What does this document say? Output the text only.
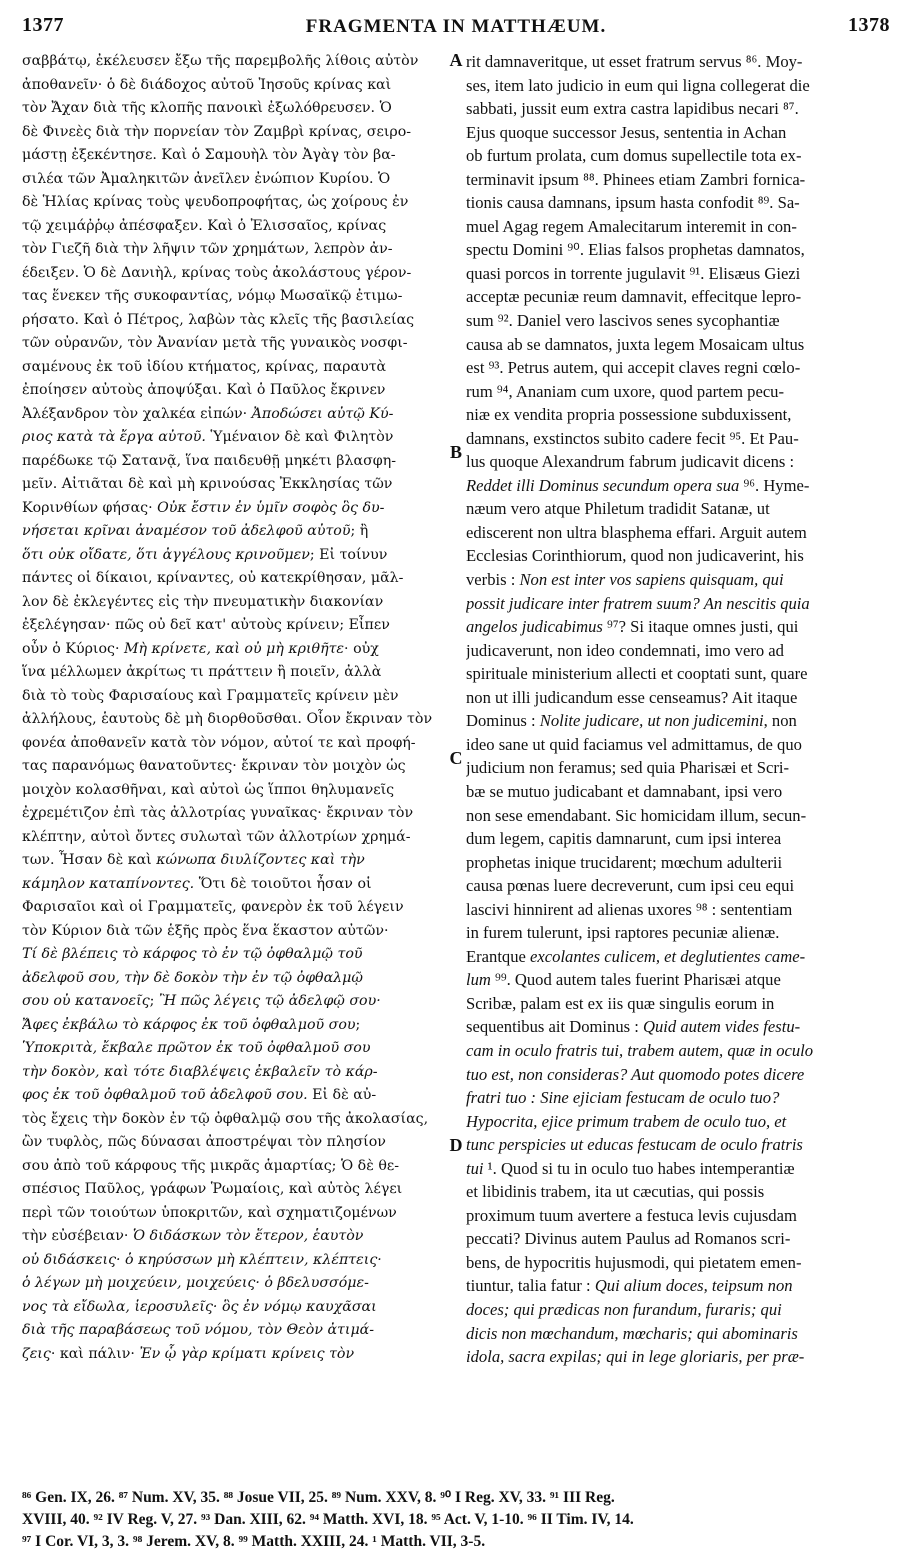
1377	FRAGMENTA IN MATTHÆUM.	1378
σαββάτῳ, ἐκέλευσεν ἔξω τῆς παρεμβολῆς λίθοις αὐτὸν
ἀποθανεῖν· ὁ δὲ διάδοχος αὐτοῦ Ἰησοῦς κρίνας καὶ
τὸν Ἄχαν διὰ τῆς κλοπῆς πανοικὶ ἐξωλόθρευσεν. Ὁ
δὲ Φινεὲς διὰ τὴν πορνείαν τὸν Ζαμβρὶ κρίνας, σειρο-
μάστῃ ἐξεκέντησε. Καὶ ὁ Σαμουὴλ τὸν Ἀγὰγ τὸν βα-
σιλέα τῶν Ἀμαληκιτῶν ἀνεῖλεν ἐνώπιον Κυρίου. Ὁ
δὲ Ἡλίας κρίνας τοὺς ψευδοπροφήτας, ὡς χοίρους ἐν
τῷ χειμάῤῥῳ ἀπέσφαξεν. Καὶ ὁ Ἐλισσαῖος, κρίνας
τὸν Γιεζῆ διὰ τὴν λῆψιν τῶν χρημάτων, λεπρὸν ἀν-
έδειξεν. Ὁ δὲ Δανιὴλ, κρίνας τοὺς ἀκολάστους γέρον-
τας ἕνεκεν τῆς συκοφαντίας, νόμῳ Μωσαϊκῷ ἐτιμω-
ρήσατο. Καὶ ὁ Πέτρος, λαβὼν τὰς κλεῖς τῆς βασιλείας
τῶν οὐρανῶν, τὸν Ἀνανίαν μετὰ τῆς γυναικὸς νοσφι-
σαμένους ἐκ τοῦ ἰδίου κτήματος, κρίνας, παραυτὰ
ἐποίησεν αὐτοὺς ἀποψύξαι. Καὶ ὁ Παῦλος ἔκρινεν
Ἀλέξανδρον τὸν χαλκέα εἰπών· Ἀποδώσει αὐτῷ Κύ-
ριος κατὰ τὰ ἔργα αὐτοῦ. Ὑμέναιον δὲ καὶ Φιλητὸν
παρέδωκε τῷ Σατανᾷ, ἵνα παιδευθῇ μηκέτι βλασφη-
μεῖν. Αἰτιᾶται δὲ καὶ μὴ κρινούσας Ἐκκλησίας τῶν
Κορινθίων φήσας· Οὐκ ἔστιν ἐν ὑμῖν σοφὸς ὃς δυ-
νήσεται κρῖναι ἀναμέσον τοῦ ἀδελφοῦ αὐτοῦ; ἢ
ὅτι οὐκ οἴδατε, ὅτι ἀγγέλους κρινοῦμεν; Εἰ τοίνυν
πάντες οἱ δίκαιοι, κρίναντες, οὐ κατεκρίθησαν, μᾶλ-
λον δὲ ἐκλεγέντες εἰς τὴν πνευματικὴν διακονίαν
ἐξελέγησαν· πῶς οὐ δεῖ κατ' αὐτοὺς κρίνειν; Εἶπεν
οὖν ὁ Κύριος· Μὴ κρίνετε, καὶ οὐ μὴ κριθῆτε· οὐχ
ἵνα μέλλωμεν ἀκρίτως τι πράττειν ἢ ποιεῖν, ἀλλὰ
διὰ τὸ τοὺς Φαρισαίους καὶ Γραμματεῖς κρίνειν μὲν
ἀλλήλους, ἑαυτοὺς δὲ μὴ διορθοῦσθαι. Οἷον ἔκριναν τὸν
φονέα ἀποθανεῖν κατὰ τὸν νόμον, αὐτοί τε καὶ προφή-
τας παρανόμως θανατοῦντες· ἔκριναν τὸν μοιχὸν ὡς
μοιχὸν κολασθῆναι, καὶ αὐτοὶ ὡς ἵπποι θηλυμανεῖς
ἐχρεμέτιζον ἐπὶ τὰς ἀλλοτρίας γυναῖκας· ἔκριναν τὸν
κλέπτην, αὐτοὶ ὄντες συλωταὶ τῶν ἀλλοτρίων χρημά-
των. Ἦσαν δὲ καὶ κώνωπα διυλίζοντες καὶ τὴν
κάμηλον καταπίνοντες. Ὅτι δὲ τοιοῦτοι ἦσαν οἱ
Φαρισαῖοι καὶ οἱ Γραμματεῖς, φανερὸν ἐκ τοῦ λέγειν
τὸν Κύριον διὰ τῶν ἑξῆς πρὸς ἕνα ἕκαστον αὐτῶν·
Τί δὲ βλέπεις τὸ κάρφος τὸ ἐν τῷ ὀφθαλμῷ τοῦ
ἀδελφοῦ σου, τὴν δὲ δοκὸν τὴν ἐν τῷ ὀφθαλμῷ
σου οὐ κατανοεῖς; Ἢ πῶς λέγεις τῷ ἀδελφῷ σου·
Ἄφες ἐκβάλω τὸ κάρφος ἐκ τοῦ ὀφθαλμοῦ σου;
Ὑποκριτὰ, ἔκβαλε πρῶτον ἐκ τοῦ ὀφθαλμοῦ σου
τὴν δοκὸν, καὶ τότε διαβλέψεις ἐκβαλεῖν τὸ κάρ-
φος ἐκ τοῦ ὀφθαλμοῦ τοῦ ἀδελφοῦ σου. Εἰ δὲ αὐ-
τὸς ἔχεις τὴν δοκὸν ἐν τῷ ὀφθαλμῷ σου τῆς ἀκολασίας,
ὢν τυφλὸς, πῶς δύνασαι ἀποστρέψαι τὸν πλησίον
σου ἀπὸ τοῦ κάρφους τῆς μικρᾶς ἁμαρτίας; Ὁ δὲ θε-
σπέσιος Παῦλος, γράφων Ῥωμαίοις, καὶ αὐτὸς λέγει
περὶ τῶν τοιούτων ὑποκριτῶν, καὶ σχηματιζομένων
τὴν εὐσέβειαν· Ὁ διδάσκων τὸν ἕτερον, ἑαυτὸν
οὐ διδάσκεις· ὁ κηρύσσων μὴ κλέπτειν, κλέπτεις·
ὁ λέγων μὴ μοιχεύειν, μοιχεύεις· ὁ βδελυσσόμε-
νος τὰ εἴδωλα, ἱεροσυλεῖς· ὃς ἐν νόμῳ καυχᾶσαι
διὰ τῆς παραβάσεως τοῦ νόμου, τὸν Θεὸν ἀτιμά-
ζεις· καὶ πάλιν· Ἐν ᾧ γὰρ κρίματι κρίνεις τὸν
A
B
C
D
rit damnaveritque, ut esset fratrum servus ⁸⁶. Moy-
ses, item lato judicio in eum qui ligna collegerat die
sabbati, jussit eum extra castra lapidibus necari ⁸⁷.
Ejus quoque successor Jesus, sententia in Achan
ob furtum prolata, cum domus supellectile tota ex-
terminavit ipsum ⁸⁸. Phinees etiam Zambri fornica-
tionis causa damnans, ipsum hasta confodit ⁸⁹. Sa-
muel Agag regem Amalecitarum interemit in con-
spectu Domini ⁹⁰. Elias falsos prophetas damnatos,
quasi porcos in torrente jugulavit ⁹¹. Elisæus Giezi
acceptæ pecuniæ reum damnavit, effecitque lepro-
sum ⁹². Daniel vero lascivos senes sycophantiæ
causa ab se damnatos, juxta legem Mosaicam ultus
est ⁹³. Petrus autem, qui accepit claves regni cœlo-
rum ⁹⁴, Ananiam cum uxore, quod partem pecu-
niæ ex vendita propria possessione subduxissent,
damnans, exstinctos subito cadere fecit ⁹⁵. Et Pau-
lus quoque Alexandrum fabrum judicavit dicens :
Reddet illi Dominus secundum opera sua ⁹⁶. Hyme-
næum vero atque Philetum tradidit Satanæ, ut
ediscerent non ultra blasphema effari. Arguit autem
Ecclesias Corinthiorum, quod non judicaverint, his
verbis : Non est inter vos sapiens quisquam, qui
possit judicare inter fratrem suum? An nescitis quia
angelos judicabimus ⁹⁷? Si itaque omnes justi, qui
judicaverunt, non ideo condemnati, imo vero ad
spirituale ministerium allecti et cooptati sunt, quare
non ut illi judicandum esse censeamus? Ait itaque
Dominus : Nolite judicare, ut non judicemini, non
ideo sane ut quid faciamus vel admittamus, de quo
judicium non feramus; sed quia Pharisæi et Scri-
bæ se mutuo judicabant et damnabant, ipsi vero
non sese emendabant. Sic homicidam illum, secun-
dum legem, capitis damnarunt, cum ipsi interea
prophetas inique trucidarent; mœchum adulterii
causa pœnas luere decreverunt, cum ipsi ceu equi
lascivi hinnirent ad alienas uxores ⁹⁸ : sententiam
in furem tulerunt, ipsi raptores pecuniæ alienæ.
Erantque excolantes culicem, et deglutientes came-
lum ⁹⁹. Quod autem tales fuerint Pharisæi atque
Scribæ, palam est ex iis quæ singulis eorum in
sequentibus ait Dominus : Quid autem vides festu-
cam in oculo fratris tui, trabem autem, quæ in oculo
tuo est, non consideras? Aut quomodo potes dicere
fratri tuo : Sine ejiciam festucam de oculo tuo?
Hypocrita, ejice primum trabem de oculo tuo, et
tunc perspicies ut educas festucam de oculo fratris
tui ¹. Quod si tu in oculo tuo habes intemperantiæ
et libidinis trabem, ita ut cæcutias, qui possis
proximum tuum avertere a festuca levis cujusdam
peccati? Divinus autem Paulus ad Romanos scri-
bens, de hypocritis hujusmodi, qui pietatem emen-
tiuntur, talia fatur : Qui alium doces, teipsum non
doces; qui prædicas non furandum, furaris; qui
dicis non mœchandum, mœcharis; qui abominaris
idola, sacra expilas; qui in lege gloriaris, per præ-
⁸⁶ Gen. IX, 26. ⁸⁷ Num. XV, 35. ⁸⁸ Josue VII, 25. ⁸⁹ Num. XXV, 8. ⁹⁰ I Reg. XV, 33. ⁹¹ III Reg.
XVIII, 40. ⁹² IV Reg. V, 27. ⁹³ Dan. XIII, 62. ⁹⁴ Matth. XVI, 18. ⁹⁵ Act. V, 1-10. ⁹⁶ II Tim. IV, 14.
⁹⁷ I Cor. VI, 3, 3. ⁹⁸ Jerem. XV, 8. ⁹⁹ Matth. XXIII, 24. ¹ Matth. VII, 3-5.
